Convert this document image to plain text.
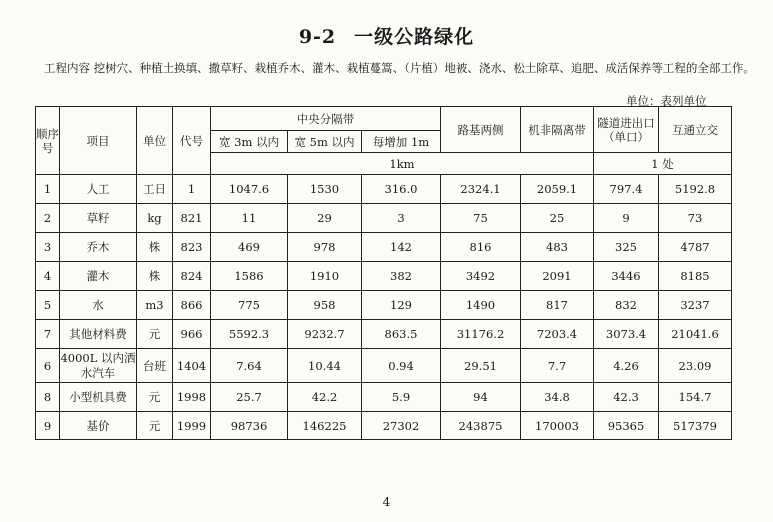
9-2 一级公路绿化
工程内容 挖树穴、种植土换填、撒草籽、栽植乔木、灌木、栽植蔓篙、（片植）地被、浇水、松土除草、追肥、成活保养等工程的全部工作。
单位：表列单位
顺序号	项目	单位	代号	中央分隔带			路基两侧	机非隔离带	隧道进出口（单口）	互通立交
				宽 3m 以内	宽 5m 以内	每增加 1m				
				1km					1 处	
1	人工	工日	1	1047.6	1530	316.0	2324.1	2059.1	797.4	5192.8
2	草籽	kg	821	11	29	3	75	25	9	73
3	乔木	株	823	469	978	142	816	483	325	4787
4	灌木	株	824	1586	1910	382	3492	2091	3446	8185
5	水	m3	866	775	958	129	1490	817	832	3237
7	其他材料费	元	966	5592.3	9232.7	863.5	31176.2	7203.4	3073.4	21041.6
6	4000L 以内洒水汽车	台班	1404	7.64	10.44	0.94	29.51	7.7	4.26	23.09
8	小型机具费	元	1998	25.7	42.2	5.9	94	34.8	42.3	154.7
9	基价	元	1999	98736	146225	27302	243875	170003	95365	517379
4
